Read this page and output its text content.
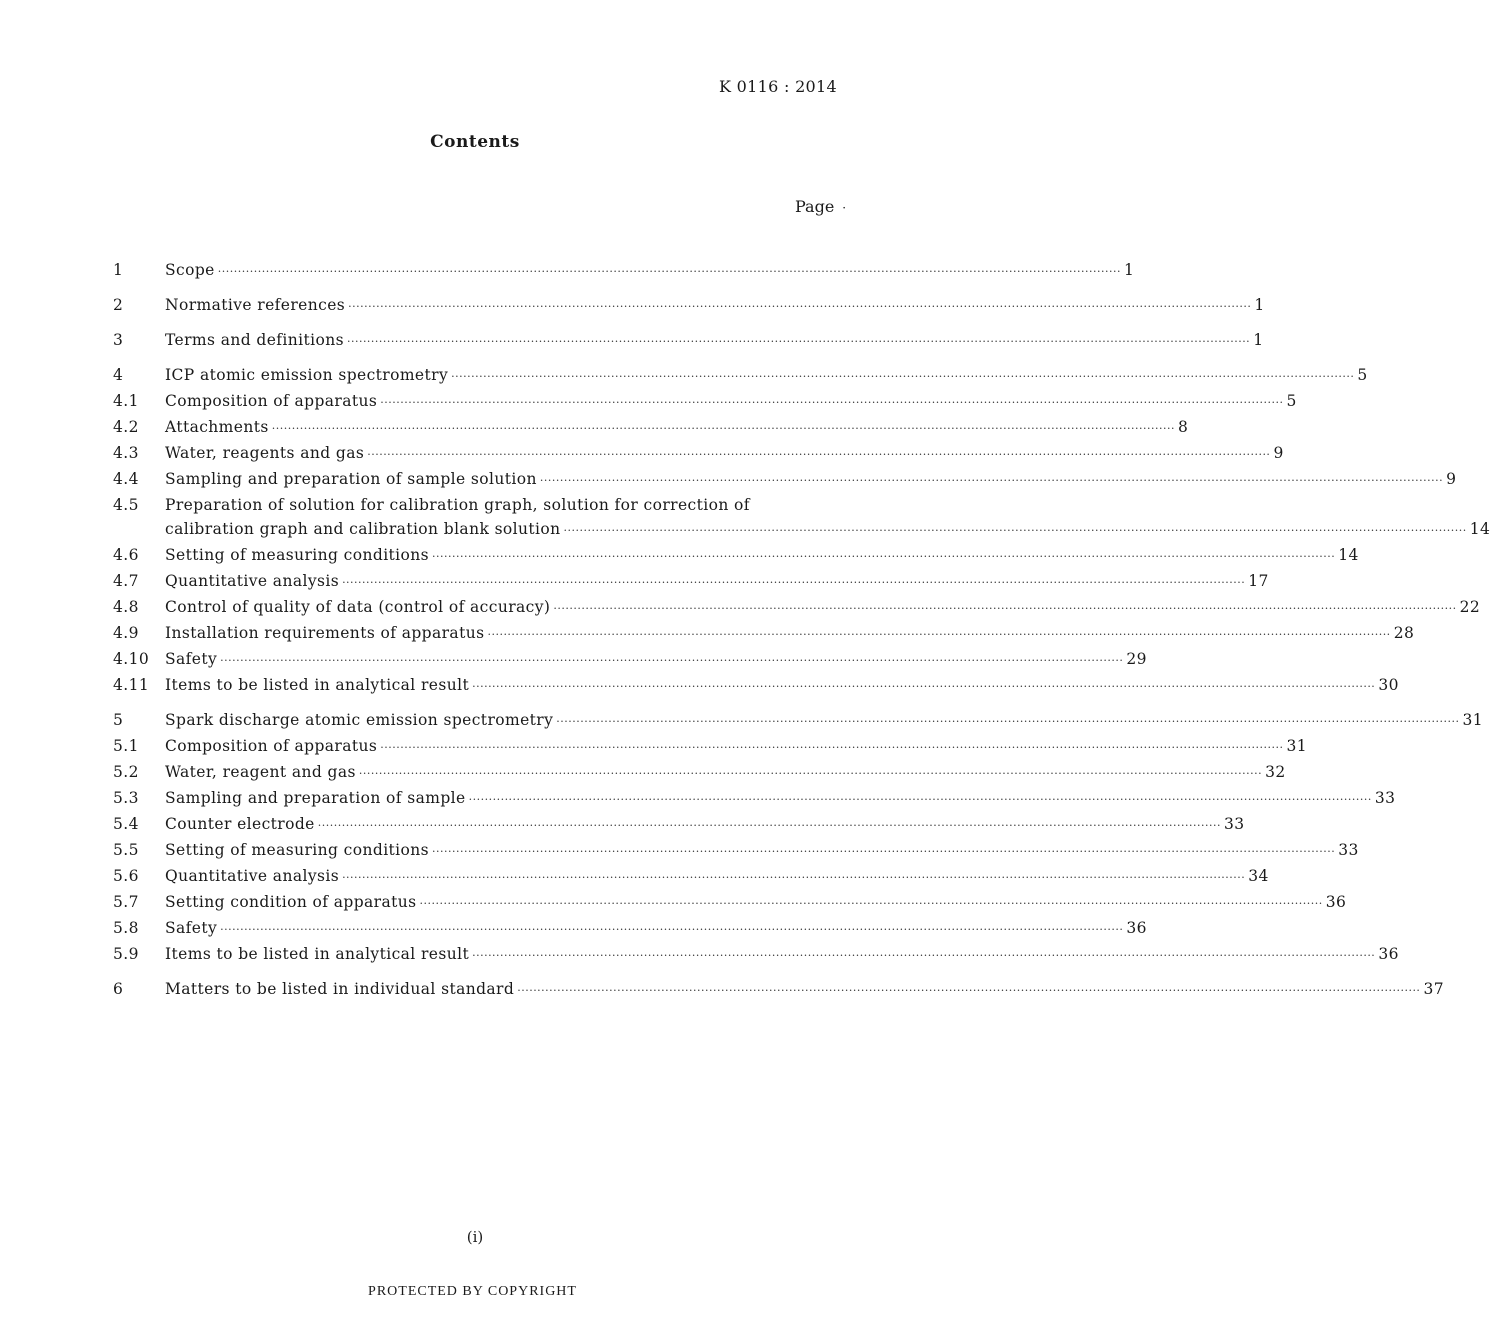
K 0116 : 2014
Contents
Page ·
1	Scope ·····	1
2	Normative references ·····	1
3	Terms and definitions ·····	1
4	ICP atomic emission spectrometry ·····	5
4.1	Composition of apparatus ·····	5
4.2	Attachments ·····	8
4.3	Water, reagents and gas ·····	9
4.4	Sampling and preparation of sample solution ·····	9
4.5	Preparation of solution for calibration graph, solution for correction of
calibration graph and calibration blank solution ·····	14
4.6	Setting of measuring conditions ·····	14
4.7	Quantitative analysis ·····	17
4.8	Control of quality of data (control of accuracy) ·····	22
4.9	Installation requirements of apparatus ·····	28
4.10	Safety ·····	29
4.11	Items to be listed in analytical result ·····	30
5	Spark discharge atomic emission spectrometry ·····	31
5.1	Composition of apparatus ·····	31
5.2	Water, reagent and gas ·····	32
5.3	Sampling and preparation of sample ·····	33
5.4	Counter electrode ·····	33
5.5	Setting of measuring conditions ·····	33
5.6	Quantitative analysis ·····	34
5.7	Setting condition of apparatus ·····	36
5.8	Safety ·····	36
5.9	Items to be listed in analytical result ·····	36
6	Matters to be listed in individual standard ·····	37
(i)
PROTECTED BY COPYRIGHT
